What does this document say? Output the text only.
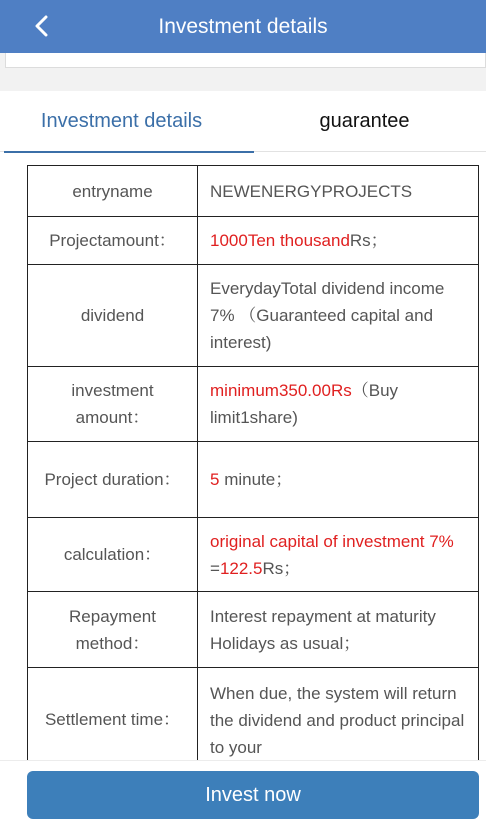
Investment details
Investment details	guarantee
entryname	NEWENERGYPROJECTS
Projectamount：	1000Ten thousandRs；
dividend	EverydayTotal dividend income 7% （Guaranteed capital and interest)
investment amount：	minimum350.00Rs（Buy limit1share)
Project duration：	5 minute；
calculation：	original capital of investment 7% =122.5Rs；
Repayment method：	Interest repayment at maturity Holidays as usual；
Settlement time：	When due, the system will return the dividend and product principal to your
Invest now
